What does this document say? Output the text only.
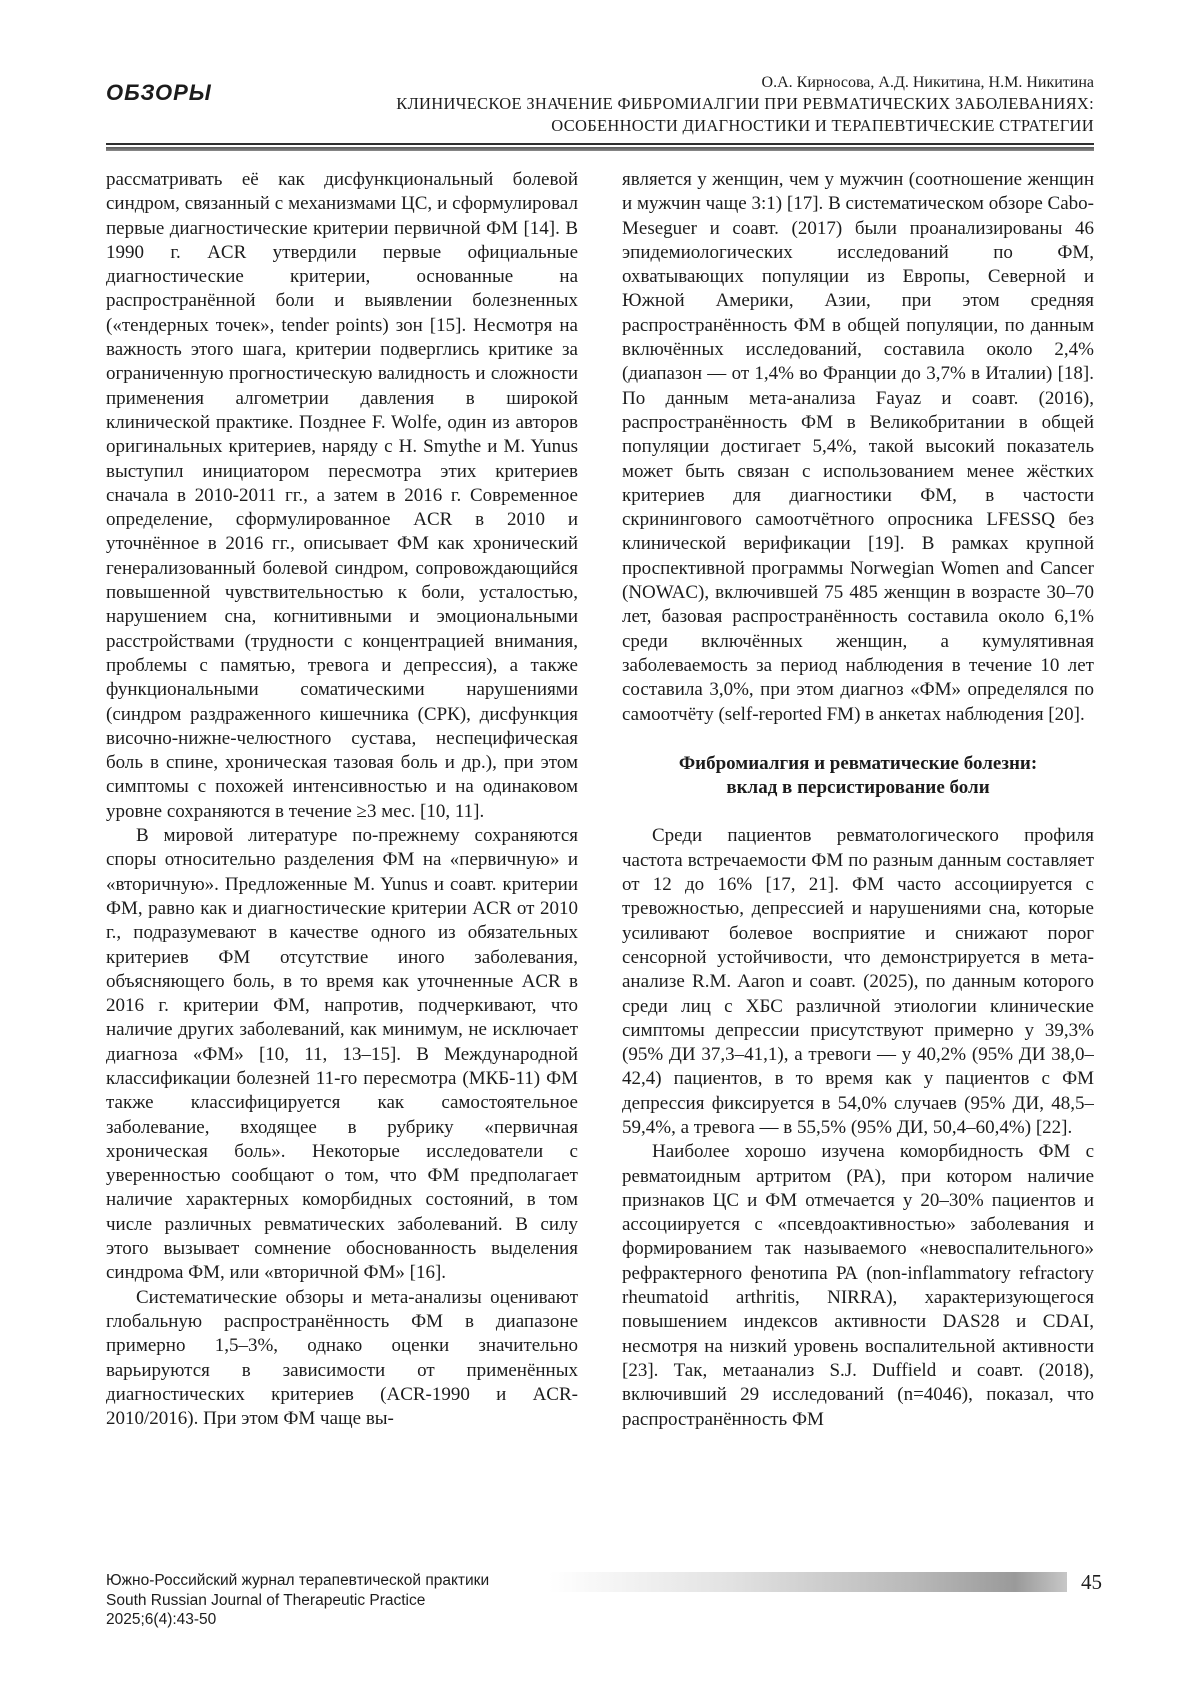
ОБЗОРЫ	О.А. Кирносова, А.Д. Никитина, Н.М. Никитина
КЛИНИЧЕСКОЕ ЗНАЧЕНИЕ ФИБРОМИАЛГИИ ПРИ РЕВМАТИЧЕСКИХ ЗАБОЛЕВАНИЯХ:
ОСОБЕННОСТИ ДИАГНОСТИКИ И ТЕРАПЕВТИЧЕСКИЕ СТРАТЕГИИ

рассматривать её как дисфункциональный болевой синдром, связанный с механизмами ЦС, и сформулировал первые диагностические критерии первичной ФМ [14]. В 1990 г. ACR утвердили первые официальные диагностические критерии, основанные на распространённой боли и выявлении болезненных («тендерных точек», tender points) зон [15]. Несмотря на важность этого шага, критерии подверглись критике за ограниченную прогностическую валидность и сложности применения алгометрии давления в широкой клинической практике. Позднее F. Wolfe, один из авторов оригинальных критериев, наряду с H. Smythe и M. Yunus выступил инициатором пересмотра этих критериев сначала в 2010-2011 гг., а затем в 2016 г. Современное определение, сформулированное ACR в 2010 и уточнённое в 2016 гг., описывает ФМ как хронический генерализованный болевой синдром, сопровождающийся повышенной чувствительностью к боли, усталостью, нарушением сна, когнитивными и эмоциональными расстройствами (трудности с концентрацией внимания, проблемы с памятью, тревога и депрессия), а также функциональными соматическими нарушениями (синдром раздраженного кишечника (СРК), дисфункция височно-нижне-челюстного сустава, неспецифическая боль в спине, хроническая тазовая боль и др.), при этом симптомы с похожей интенсивностью и на одинаковом уровне сохраняются в течение ≥3 мес. [10, 11].

В мировой литературе по-прежнему сохраняются споры относительно разделения ФМ на «первичную» и «вторичную». Предложенные M. Yunus и соавт. критерии ФМ, равно как и диагностические критерии ACR от 2010 г., подразумевают в качестве одного из обязательных критериев ФМ отсутствие иного заболевания, объясняющего боль, в то время как уточненные ACR в 2016 г. критерии ФМ, напротив, подчеркивают, что наличие других заболеваний, как минимум, не исключает диагноза «ФМ» [10, 11, 13–15]. В Международной классификации болезней 11-го пересмотра (МКБ-11) ФМ также классифицируется как самостоятельное заболевание, входящее в рубрику «первичная хроническая боль». Некоторые исследователи с уверенностью сообщают о том, что ФМ предполагает наличие характерных коморбидных состояний, в том числе различных ревматических заболеваний. В силу этого вызывает сомнение обоснованность выделения синдрома ФМ, или «вторичной ФМ» [16].

Систематические обзоры и мета-анализы оценивают глобальную распространённость ФМ в диапазоне примерно 1,5–3%, однако оценки значительно варьируются в зависимости от применённых диагностических критериев (ACR-1990 и ACR-2010/2016). При этом ФМ чаще вы-

является у женщин, чем у мужчин (соотношение женщин и мужчин чаще 3:1) [17]. В систематическом обзоре Cabo-Meseguer и соавт. (2017) были проанализированы 46 эпидемиологических исследований по ФМ, охватывающих популяции из Европы, Северной и Южной Америки, Азии, при этом средняя распространённость ФМ в общей популяции, по данным включённых исследований, составила около 2,4% (диапазон — от 1,4% во Франции до 3,7% в Италии) [18]. По данным мета-анализа Fayaz и соавт. (2016), распространённость ФМ в Великобритании в общей популяции достигает 5,4%, такой высокий показатель может быть связан с использованием менее жёстких критериев для диагностики ФМ, в частости скринингового самоотчётного опросника LFESSQ без клинической верификации [19]. В рамках крупной проспективной программы Norwegian Women and Cancer (NOWAC), включившей 75 485 женщин в возрасте 30–70 лет, базовая распространённость составила около 6,1% среди включённых женщин, а кумулятивная заболеваемость за период наблюдения в течение 10 лет составила 3,0%, при этом диагноз «ФМ» определялся по самоотчёту (self-reported FM) в анкетах наблюдения [20].

Фибромиалгия и ревматические болезни:
вклад в персистирование боли

Среди пациентов ревматологического профиля частота встречаемости ФМ по разным данным составляет от 12 до 16% [17, 21]. ФМ часто ассоциируется с тревожностью, депрессией и нарушениями сна, которые усиливают болевое восприятие и снижают порог сенсорной устойчивости, что демонстрируется в мета-анализе R.M. Aaron и соавт. (2025), по данным которого среди лиц с ХБС различной этиологии клинические симптомы депрессии присутствуют примерно у 39,3% (95% ДИ 37,3–41,1), а тревоги — у 40,2% (95% ДИ 38,0–42,4) пациентов, в то время как у пациентов с ФМ депрессия фиксируется в 54,0% случаев (95% ДИ, 48,5–59,4%, а тревога — в 55,5% (95% ДИ, 50,4–60,4%) [22].

Наиболее хорошо изучена коморбидность ФМ с ревматоидным артритом (РА), при котором наличие признаков ЦС и ФМ отмечается у 20–30% пациентов и ассоциируется с «псевдоактивностью» заболевания и формированием так называемого «невоспалительного» рефрактерного фенотипа РА (non-inflammatory refractory rheumatoid arthritis, NIRRA), характеризующегося повышением индексов активности DAS28 и CDAI, несмотря на низкий уровень воспалительной активности [23]. Так, метаанализ S.J. Duffield и соавт. (2018), включивший 29 исследований (n=4046), показал, что распространённость ФМ

Южно-Российский журнал терапевтической практики
South Russian Journal of Therapeutic Practice
2025;6(4):43-50
45
